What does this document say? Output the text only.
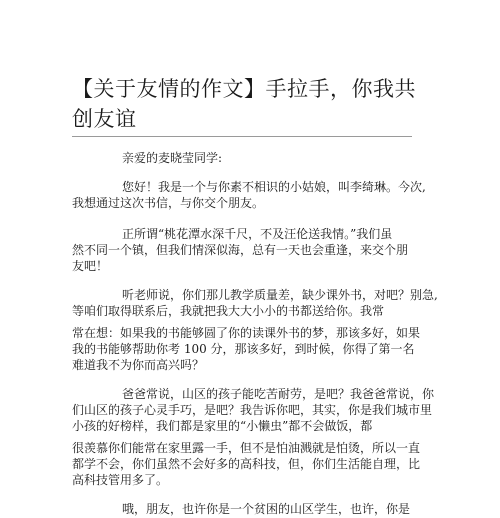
【关于友情的作文】手拉手，你我共
创友谊

亲爱的麦晓莹同学:

您好！我是一个与你素不相识的小姑娘，叫李绮琳。今次,

我想通过这次书信，与你交个朋友。

正所谓“桃花潭水深千尺，不及汪伦送我情。”我们虽

然不同一个镇，但我们情深似海，总有一天也会重逢，来交个朋

友吧！

听老师说，你们那儿教学质量差，缺少课外书，对吧？别急,

等咱们取得联系后，我就把我大大小小的书都送给你。我常

常在想：如果我的书能够圆了你的读课外书的梦，那该多好，如果

我的书能够帮助你考 100 分，那该多好，到时候，你得了第一名

难道我不为你而高兴吗？

爸爸常说，山区的孩子能吃苦耐劳，是吧？我爸爸常说，你

们山区的孩子心灵手巧，是吧？我告诉你吧，其实，你是我们城市里

小孩的好榜样，我们都是家里的“小懒虫”都不会做饭，都

很羡慕你们能常在家里露一手，但不是怕油溅就是怕烫，所以一直

都学不会，你们虽然不会好多的高科技，但，你们生活能自理，比

高科技管用多了。

哦，朋友，也许你是一个贫困的山区学生，也许，你是
